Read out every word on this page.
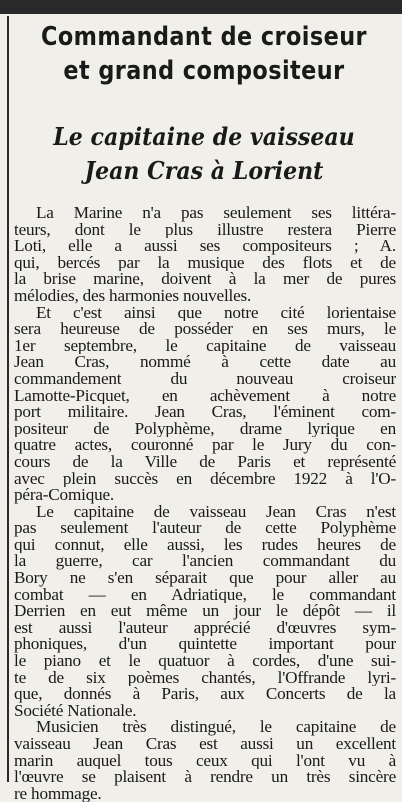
Commandant de croiseur
et grand compositeur
Le capitaine de vaisseau
Jean Cras à Lorient
La Marine n'a pas seulement ses littéra-
teurs, dont le plus illustre restera Pierre
Loti, elle a aussi ses compositeurs ; A.
qui, bercés par la musique des flots et de
la brise marine, doivent à la mer de pures
mélodies, des harmonies nouvelles.
Et c'est ainsi que notre cité lorientaise
sera heureuse de posséder en ses murs, le
1er septembre, le capitaine de vaisseau
Jean Cras, nommé à cette date au
commandement du nouveau croiseur
Lamotte-Picquet, en achèvement à notre
port militaire. Jean Cras, l'éminent com-
positeur de Polyphème, drame lyrique en
quatre actes, couronné par le Jury du con-
cours de la Ville de Paris et représenté
avec plein succès en décembre 1922 à l'O-
péra-Comique.
Le capitaine de vaisseau Jean Cras n'est
pas seulement l'auteur de cette Polyphème
qui connut, elle aussi, les rudes heures de
la guerre, car l'ancien commandant du
Bory ne s'en séparait que pour aller au
combat — en Adriatique, le commandant
Derrien en eut même un jour le dépôt — il
est aussi l'auteur apprécié d'œuvres sym-
phoniques, d'un quintette important pour
le piano et le quatuor à cordes, d'une sui-
te de six poèmes chantés, l'Offrande lyri-
que, donnés à Paris, aux Concerts de la
Société Nationale.
Musicien très distingué, le capitaine de
vaisseau Jean Cras est aussi un excellent
marin auquel tous ceux qui l'ont vu à
l'œuvre se plaisent à rendre un très sincère
re hommage.
